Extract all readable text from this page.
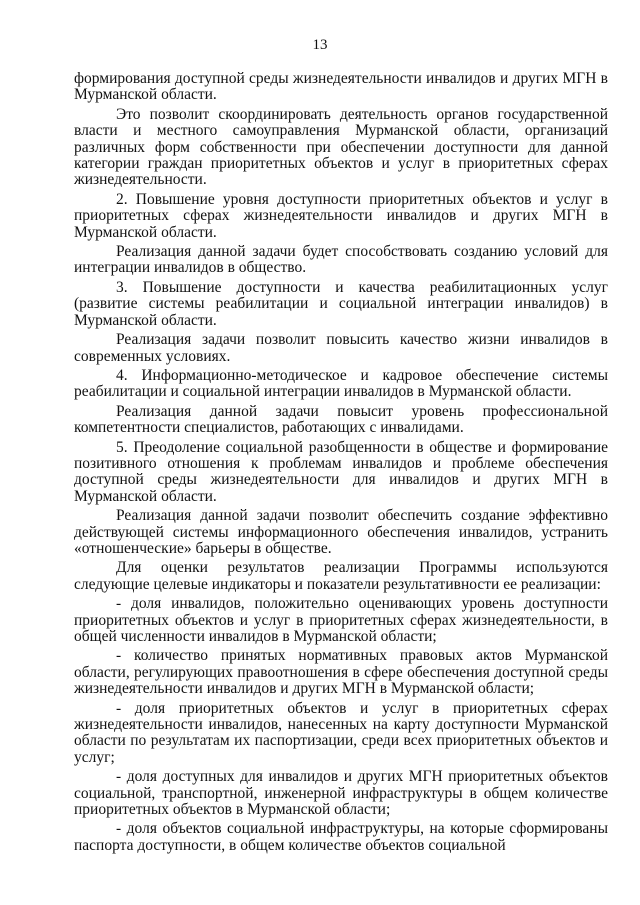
13

формирования доступной среды жизнедеятельности инвалидов и других МГН в Мурманской области.

Это позволит скоординировать деятельность органов государственной власти и местного самоуправления Мурманской области, организаций различных форм собственности при обеспечении доступности для данной категории граждан приоритетных объектов и услуг в приоритетных сферах жизнедеятельности.

2. Повышение уровня доступности приоритетных объектов и услуг в приоритетных сферах жизнедеятельности инвалидов и других МГН в Мурманской области.

Реализация данной задачи будет способствовать созданию условий для интеграции инвалидов в общество.

3. Повышение доступности и качества реабилитационных услуг (развитие системы реабилитации и социальной интеграции инвалидов) в Мурманской области.

Реализация задачи позволит повысить качество жизни инвалидов в современных условиях.

4. Информационно-методическое и кадровое обеспечение системы реабилитации и социальной интеграции инвалидов в Мурманской области.

Реализация данной задачи повысит уровень профессиональной компетентности специалистов, работающих с инвалидами.

5. Преодоление социальной разобщенности в обществе и формирование позитивного отношения к проблемам инвалидов и проблеме обеспечения доступной среды жизнедеятельности для инвалидов и других МГН в Мурманской области.

Реализация данной задачи позволит обеспечить создание эффективно действующей системы информационного обеспечения инвалидов, устранить «отношенческие» барьеры в обществе.

Для оценки результатов реализации Программы используются следующие целевые индикаторы и показатели результативности ее реализации:

- доля инвалидов, положительно оценивающих уровень доступности приоритетных объектов и услуг в приоритетных сферах жизнедеятельности, в общей численности инвалидов в Мурманской области;

- количество принятых нормативных правовых актов Мурманской области, регулирующих правоотношения в сфере обеспечения доступной среды жизнедеятельности инвалидов и других МГН в Мурманской области;

- доля приоритетных объектов и услуг в приоритетных сферах жизнедеятельности инвалидов, нанесенных на карту доступности Мурманской области по результатам их паспортизации, среди всех приоритетных объектов и услуг;

- доля доступных для инвалидов и других МГН приоритетных объектов социальной, транспортной, инженерной инфраструктуры в общем количестве приоритетных объектов в Мурманской области;

- доля объектов социальной инфраструктуры, на которые сформированы паспорта доступности, в общем количестве объектов социальной
